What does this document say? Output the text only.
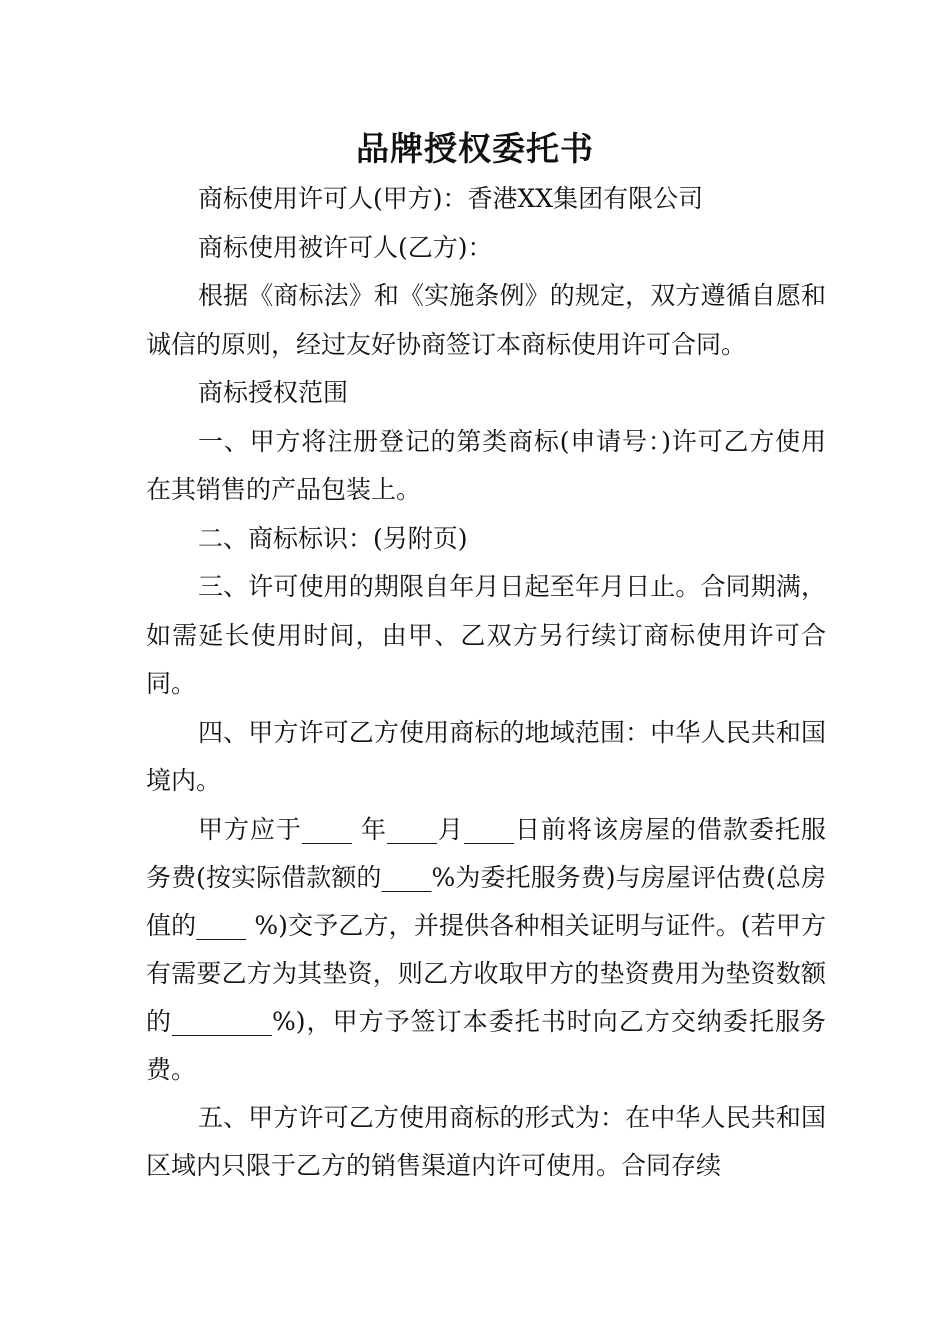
品牌授权委托书

商标使用许可人(甲方)：香港XX集团有限公司

商标使用被许可人(乙方)：

根据《商标法》和《实施条例》的规定，双方遵循自愿和诚信的原则，经过友好协商签订本商标使用许可合同。

商标授权范围

一、甲方将注册登记的第类商标(申请号：)许可乙方使用在其销售的产品包装上。

二、商标标识：(另附页)

三、许可使用的期限自年月日起至年月日止。合同期满，如需延长使用时间，由甲、乙双方另行续订商标使用许可合同。

四、甲方许可乙方使用商标的地域范围：中华人民共和国境内。

甲方应于____ 年____月____日前将该房屋的借款委托服务费(按实际借款额的____%为委托服务费)与房屋评估费(总房值的____ %)交予乙方，并提供各种相关证明与证件。(若甲方有需要乙方为其垫资，则乙方收取甲方的垫资费用为垫资数额的________%)，甲方予签订本委托书时向乙方交纳委托服务费。

五、甲方许可乙方使用商标的形式为：在中华人民共和国区域内只限于乙方的销售渠道内许可使用。合同存续
